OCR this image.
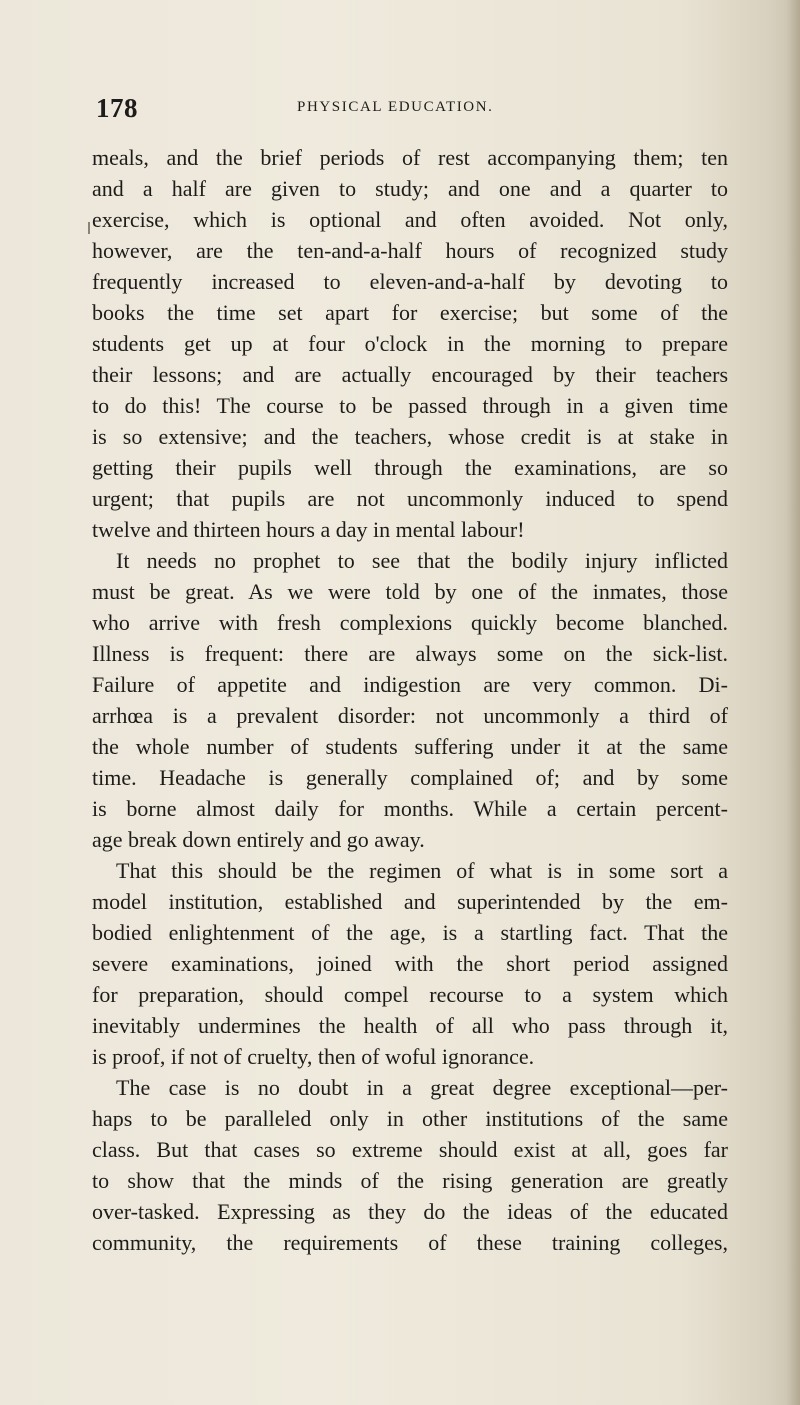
178	PHYSICAL EDUCATION.
meals, and the brief periods of rest accompanying them; ten
and a half are given to study; and one and a quarter to
exercise, which is optional and often avoided. Not only,
however, are the ten-and-a-half hours of recognized study
frequently increased to eleven-and-a-half by devoting to
books the time set apart for exercise; but some of the
students get up at four o'clock in the morning to prepare
their lessons; and are actually encouraged by their teachers
to do this! The course to be passed through in a given time
is so extensive; and the teachers, whose credit is at stake in
getting their pupils well through the examinations, are so
urgent; that pupils are not uncommonly induced to spend
twelve and thirteen hours a day in mental labour!
It needs no prophet to see that the bodily injury inflicted
must be great. As we were told by one of the inmates, those
who arrive with fresh complexions quickly become blanched.
Illness is frequent: there are always some on the sick-list.
Failure of appetite and indigestion are very common. Di-
arrhœa is a prevalent disorder: not uncommonly a third of
the whole number of students suffering under it at the same
time. Headache is generally complained of; and by some
is borne almost daily for months. While a certain percent-
age break down entirely and go away.
That this should be the regimen of what is in some sort a
model institution, established and superintended by the em-
bodied enlightenment of the age, is a startling fact. That the
severe examinations, joined with the short period assigned
for preparation, should compel recourse to a system which
inevitably undermines the health of all who pass through it,
is proof, if not of cruelty, then of woful ignorance.
The case is no doubt in a great degree exceptional—per-
haps to be paralleled only in other institutions of the same
class. But that cases so extreme should exist at all, goes far
to show that the minds of the rising generation are greatly
over-tasked. Expressing as they do the ideas of the educated
community, the requirements of these training colleges,
